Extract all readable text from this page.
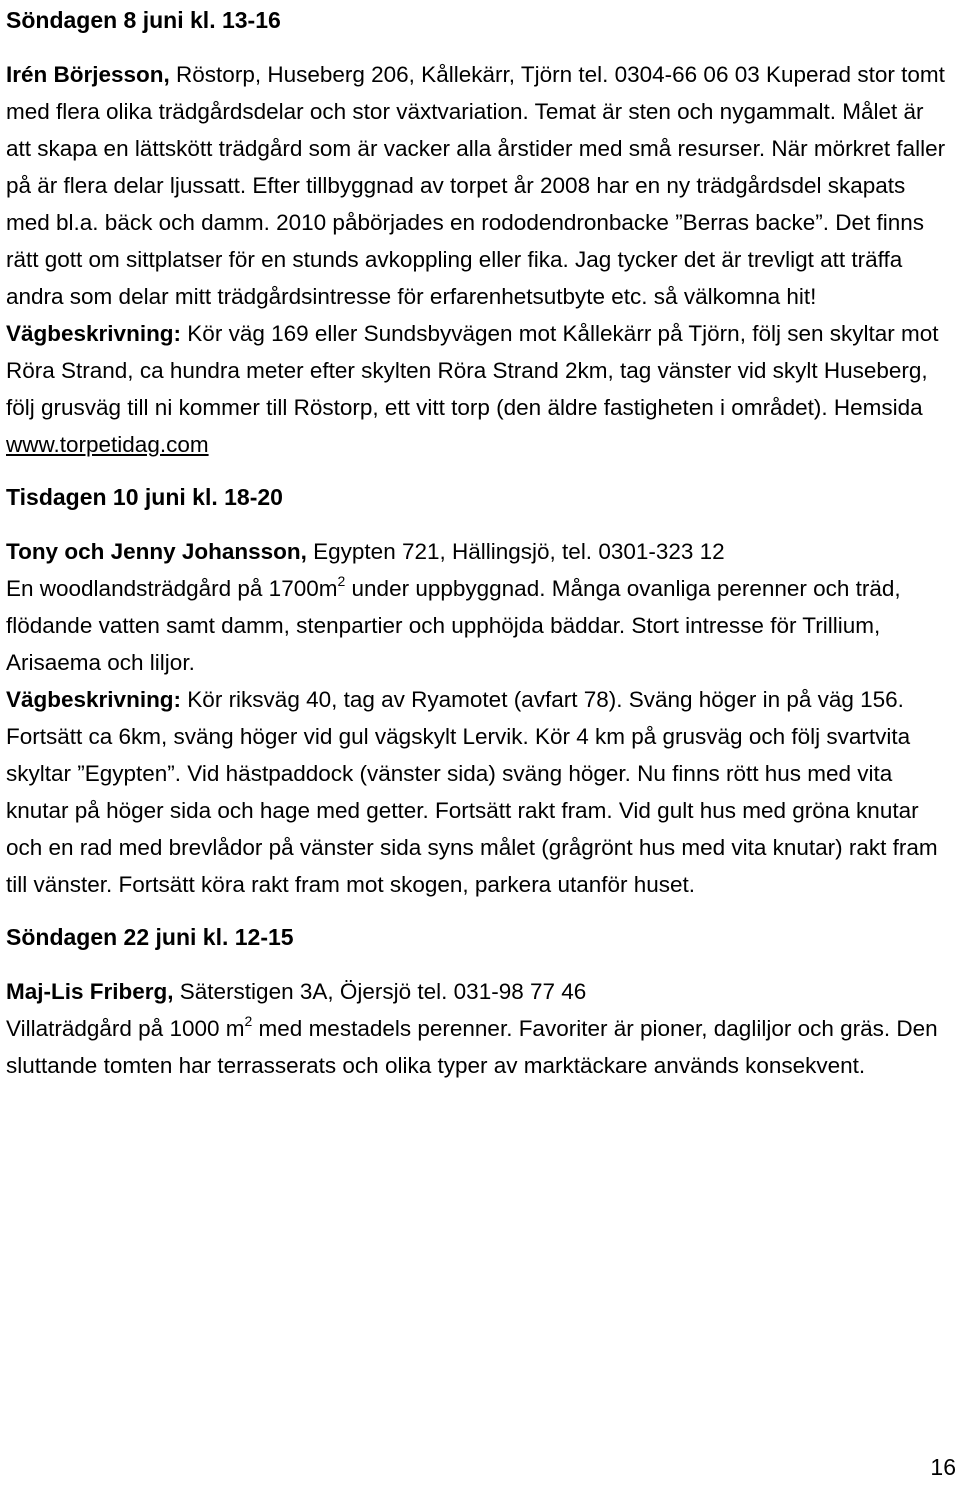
Söndagen 8 juni kl. 13-16

Irén Börjesson, Röstorp, Huseberg 206, Kållekärr, Tjörn tel. 0304-66 06 03 Kuperad stor tomt med flera olika trädgårdsdelar och stor växtvariation. Temat är sten och nygammalt. Målet är att skapa en lättskött trädgård som är vacker alla årstider med små resurser. När mörkret faller på är flera delar ljussatt. Efter tillbyggnad av torpet år 2008 har en ny trädgårdsdel skapats med bl.a. bäck och damm. 2010 påbörjades en rododendronbacke ”Berras backe”. Det finns rätt gott om sittplatser för en stunds avkoppling eller fika. Jag tycker det är trevligt att träffa andra som delar mitt trädgårdsintresse för erfarenhetsutbyte etc. så välkomna hit!

Vägbeskrivning: Kör väg 169 eller Sundsbyvägen mot Kållekärr på Tjörn, följ sen skyltar mot Röra Strand, ca hundra meter efter skylten Röra Strand 2km, tag vänster vid skylt Huseberg, följ grusväg till ni kommer till Röstorp, ett vitt torp (den äldre fastigheten i området). Hemsida www.torpetidag.com

Tisdagen 10 juni kl. 18-20

Tony och Jenny Johansson, Egypten 721, Hällingsjö, tel. 0301-323 12
En woodlandsträdgård på $1700m^2$ under uppbyggnad. Många ovanliga perenner och träd, flödande vatten samt damm, stenpartier och upphöjda bäddar. Stort intresse för Trillium, Arisaema och liljor.

Vägbeskrivning: Kör riksväg 40, tag av Ryamotet (avfart 78). Sväng höger in på väg 156. Fortsätt ca 6km, sväng höger vid gul vägskylt Lervik. Kör 4 km på grusväg och följ svartvita skyltar ”Egypten”. Vid hästpaddock (vänster sida) sväng höger. Nu finns rött hus med vita knutar på höger sida och hage med getter. Fortsätt rakt fram. Vid gult hus med gröna knutar och en rad med brevlådor på vänster sida syns målet (grågrönt hus med vita knutar) rakt fram till vänster. Fortsätt köra rakt fram mot skogen, parkera utanför huset.

Söndagen 22 juni kl. 12-15

Maj-Lis Friberg, Säterstigen 3A, Öjersjö tel. 031-98 77 46
Villaträdgård på 1000 $m^2$ med mestadels perenner. Favoriter är pioner, dagliljor och gräs. Den sluttande tomten har terrasserats och olika typer av marktäckare används konsekvent.

16
